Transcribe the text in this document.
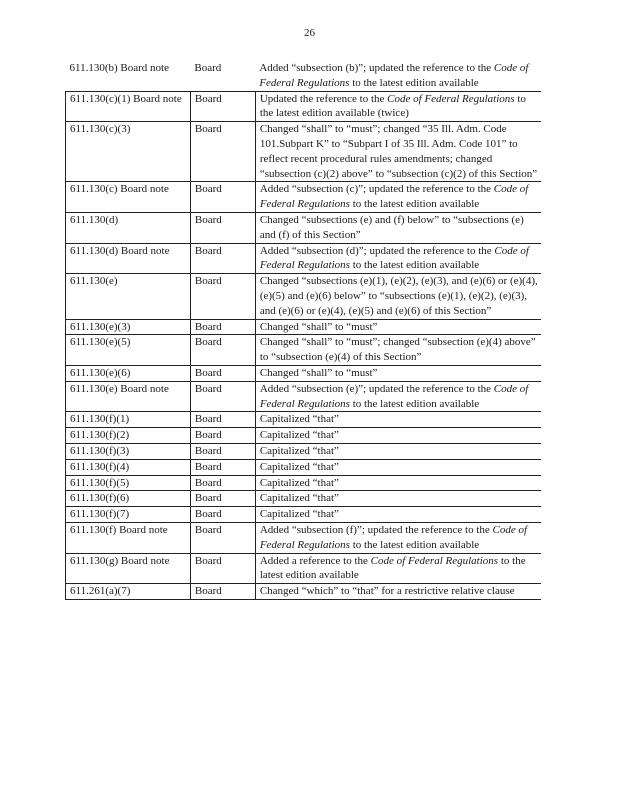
26
611.130(b) Board note	Board	Added “subsection (b)”; updated the reference to the Code of Federal Regulations to the latest edition available
611.130(c)(1) Board note	Board	Updated the reference to the Code of Federal Regulations to the latest edition available (twice)
611.130(c)(3)	Board	Changed “shall” to “must”; changed “35 Ill. Adm. Code 101.Subpart K” to “Subpart I of 35 Ill. Adm. Code 101” to reflect recent procedural rules amendments; changed “subsection (c)(2) above” to “subsection (c)(2) of this Section”
611.130(c) Board note	Board	Added “subsection (c)”; updated the reference to the Code of Federal Regulations to the latest edition available
611.130(d)	Board	Changed “subsections (e) and (f) below” to “subsections (e) and (f) of this Section”
611.130(d) Board note	Board	Added “subsection (d)”; updated the reference to the Code of Federal Regulations to the latest edition available
611.130(e)	Board	Changed “subsections (e)(1), (e)(2), (e)(3), and (e)(6) or (e)(4), (e)(5) and (e)(6) below” to “subsections (e)(1), (e)(2), (e)(3), and (e)(6) or (e)(4), (e)(5) and (e)(6) of this Section”
611.130(e)(3)	Board	Changed “shall” to “must”
611.130(e)(5)	Board	Changed “shall” to “must”; changed “subsection (e)(4) above” to “subsection (e)(4) of this Section”
611.130(e)(6)	Board	Changed “shall” to “must”
611.130(e) Board note	Board	Added “subsection (e)”; updated the reference to the Code of Federal Regulations to the latest edition available
611.130(f)(1)	Board	Capitalized “that”
611.130(f)(2)	Board	Capitalized “that”
611.130(f)(3)	Board	Capitalized “that”
611.130(f)(4)	Board	Capitalized “that”
611.130(f)(5)	Board	Capitalized “that”
611.130(f)(6)	Board	Capitalized “that”
611.130(f)(7)	Board	Capitalized “that”
611.130(f) Board note	Board	Added “subsection (f)”; updated the reference to the Code of Federal Regulations to the latest edition available
611.130(g) Board note	Board	Added a reference to the Code of Federal Regulations to the latest edition available
611.261(a)(7)	Board	Changed “which” to “that” for a restrictive relative clause
